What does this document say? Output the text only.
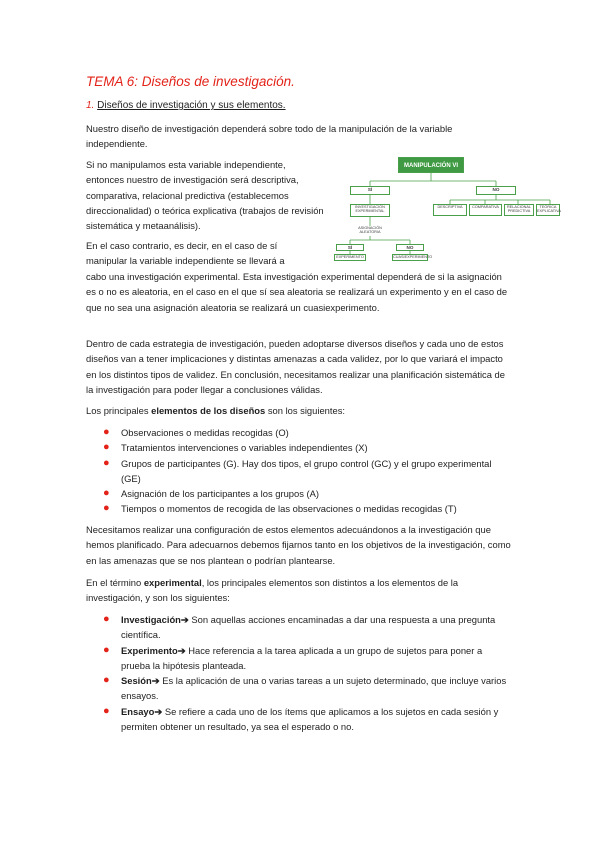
TEMA 6: Diseños de investigación.
1. Diseños de investigación y sus elementos.
Nuestro diseño de investigación dependerá sobre todo de la manipulación de la variable independiente.
Si no manipulamos esta variable independiente, entonces nuestro de investigación será descriptiva, comparativa, relacional predictiva (establecemos direccionalidad) o teórica explicativa (trabajos de revisión sistemática y metaanálisis).
En el caso contrario, es decir, en el caso de sí manipular la variable independiente se llevará a
cabo una investigación experimental. Esta investigación experimental dependerá de si la asignación es o no es aleatoria, en el caso en el que sí sea aleatoria se realizará un experimento y en el caso de que no sea una asignación aleatoria se realizará un cuasiexperimento.
Dentro de cada estrategia de investigación, pueden adoptarse diversos diseños y cada uno de estos diseños van a tener implicaciones y distintas amenazas a cada validez, por lo que variará el impacto en los distintos tipos de validez. En conclusión, necesitamos realizar una planificación sistemática de la investigación para poder llegar a conclusiones válidas.
Los principales elementos de los diseños son los siguientes:
● Observaciones o medidas recogidas (O)
● Tratamientos intervenciones o variables independientes (X)
● Grupos de participantes (G). Hay dos tipos, el grupo control (GC) y el grupo experimental (GE)
● Asignación de los participantes a los grupos (A)
● Tiempos o momentos de recogida de las observaciones o medidas recogidas (T)
Necesitamos realizar una configuración de estos elementos adecuándonos a la investigación que hemos planificado. Para adecuarnos debemos fijarnos tanto en los objetivos de la investigación, como en las amenazas que se nos plantean o podrían plantearse.
En el término experimental, los principales elementos son distintos a los elementos de la investigación, y son los siguientes:
● Investigación➔ Son aquellas acciones encaminadas a dar una respuesta a una pregunta científica.
● Experimento➔ Hace referencia a la tarea aplicada a un grupo de sujetos para poner a prueba la hipótesis planteada.
● Sesión➔ Es la aplicación de una o varias tareas a un sujeto determinado, que incluye varios ensayos.
● Ensayo➔ Se refiere a cada uno de los ítems que aplicamos a los sujetos en cada sesión y permiten obtener un resultado, ya sea el esperado o no.
MANIPULACIÓN VI
SÍ	NO
INVESTIGACIÓN EXPERIMENTAL
ASIGNACIÓN ALEATORIA
SÍ	NO
EXPERIMENTO	CUASIEXPERIMENTO
DESCRIPTIVA	COMPARATIVA	RELACIONAL PREDICTIVA
TEÓRICA EXPLICATIVA
